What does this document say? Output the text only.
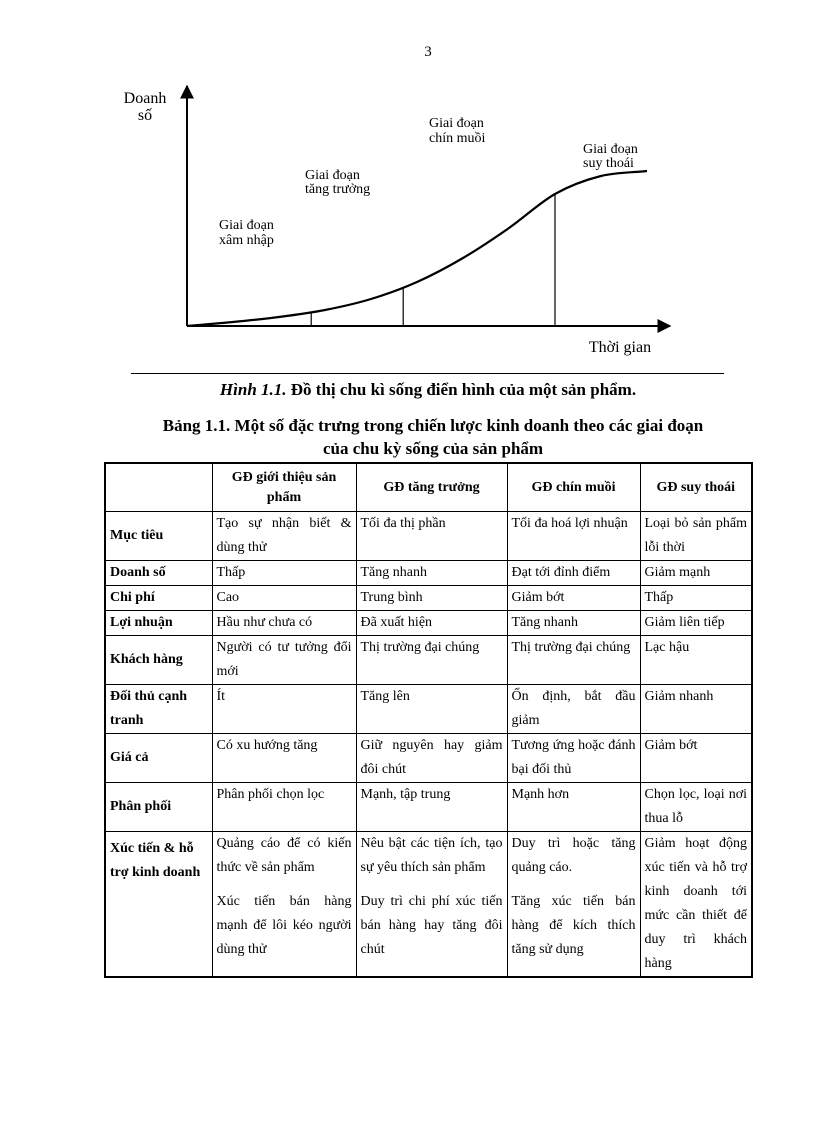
3
Doanh
số
Thời gian
Giai đoạn
xâm nhập
Giai đoạn
tăng trưởng
Giai đoạn
chín muồi
Giai đoạn
suy thoái
Hình 1.1. Đồ thị chu kì sống điển hình của một sản phẩm.
Bảng 1.1. Một số đặc trưng trong chiến lược kinh doanh theo các giai đoạn
của chu kỳ sống của sản phẩm
	GĐ giới thiệu sản phẩm	GĐ tăng trưởng	GĐ chín muồi	GĐ suy thoái
Mục tiêu	Tạo sự nhận biết & dùng thử	Tối đa thị phần	Tối đa hoá lợi nhuận	Loại bỏ sản phẩm lỗi thời
Doanh số	Thấp	Tăng nhanh	Đạt tới đỉnh điểm	Giảm mạnh
Chi phí	Cao	Trung bình	Giảm bớt	Thấp
Lợi nhuận	Hầu như chưa có	Đã xuất hiện	Tăng nhanh	Giảm liên tiếp
Khách hàng	Người có tư tưởng đổi mới	Thị trường đại chúng	Thị trường đại chúng	Lạc hậu
Đối thủ cạnh tranh	Ít	Tăng lên	Ổn định, bắt đầu giảm	Giảm nhanh
Giá cả	Có xu hướng tăng	Giữ nguyên hay giảm đôi chút	Tương ứng hoặc đánh bại đối thủ	Giảm bớt
Phân phối	Phân phối chọn lọc	Mạnh, tập trung	Mạnh hơn	Chọn lọc, loại nơi thua lỗ
Xúc tiến & hỗ trợ kinh doanh	Quảng cáo để có kiến thức về sản phẩm	Nêu bật các tiện ích, tạo sự yêu thích sản phẩm	Duy trì hoặc tăng quảng cáo.	Giảm hoạt động xúc tiến và hỗ trợ kinh doanh tới mức cần thiết để duy trì khách hàng
	Xúc tiến bán hàng mạnh để lôi kéo người dùng thử	Duy trì chi phí xúc tiến bán hàng hay tăng đôi chút	Tăng xúc tiến bán hàng để kích thích tăng sử dụng	
